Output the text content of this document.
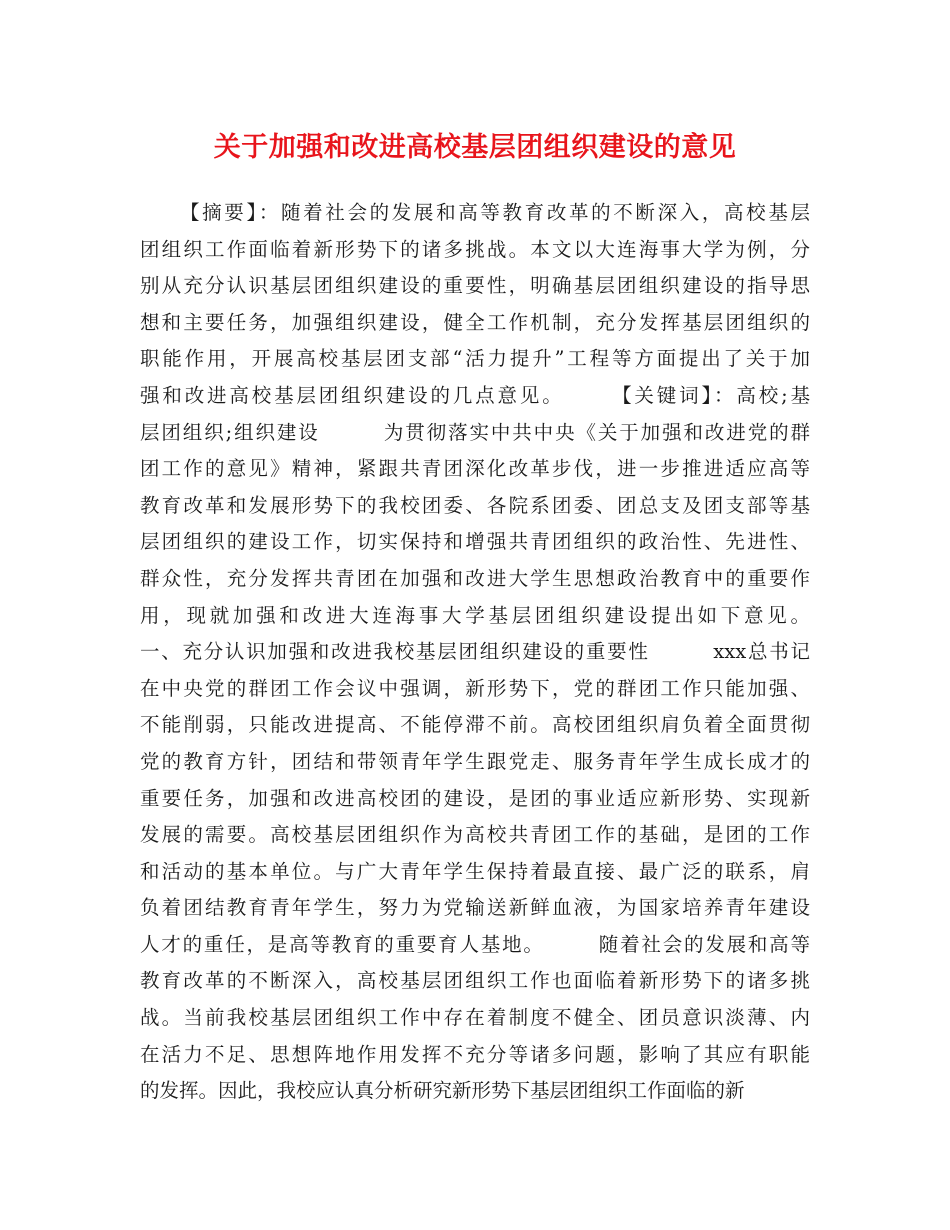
关于加强和改进高校基层团组织建设的意见
【摘要】：随着社会的发展和高等教育改革的不断深入，高校基层
团组织工作面临着新形势下的诸多挑战。本文以大连海事大学为例，分
别从充分认识基层团组织建设的重要性，明确基层团组织建设的指导思
想和主要任务，加强组织建设，健全工作机制，充分发挥基层团组织的
职能作用，开展高校基层团支部“活力提升”工程等方面提出了关于加
强和改进高校基层团组织建设的几点意见。　　　【关键词】：高校;基
层团组织;组织建设　　　为贯彻落实中共中央《关于加强和改进党的群
团工作的意见》精神，紧跟共青团深化改革步伐，进一步推进适应高等
教育改革和发展形势下的我校团委、各院系团委、团总支及团支部等基
层团组织的建设工作，切实保持和增强共青团组织的政治性、先进性、
群众性，充分发挥共青团在加强和改进大学生思想政治教育中的重要作
用，现就加强和改进大连海事大学基层团组织建设提出如下意见。
一、充分认识加强和改进我校基层团组织建设的重要性　　　xxx总书记
在中央党的群团工作会议中强调，新形势下，党的群团工作只能加强、
不能削弱，只能改进提高、不能停滞不前。高校团组织肩负着全面贯彻
党的教育方针，团结和带领青年学生跟党走、服务青年学生成长成才的
重要任务，加强和改进高校团的建设，是团的事业适应新形势、实现新
发展的需要。高校基层团组织作为高校共青团工作的基础，是团的工作
和活动的基本单位。与广大青年学生保持着最直接、最广泛的联系，肩
负着团结教育青年学生，努力为党输送新鲜血液，为国家培养青年建设
人才的重任，是高等教育的重要育人基地。　　　随着社会的发展和高等
教育改革的不断深入，高校基层团组织工作也面临着新形势下的诸多挑
战。当前我校基层团组织工作中存在着制度不健全、团员意识淡薄、内
在活力不足、思想阵地作用发挥不充分等诸多问题，影响了其应有职能
的发挥。因此，我校应认真分析研究新形势下基层团组织工作面临的新
